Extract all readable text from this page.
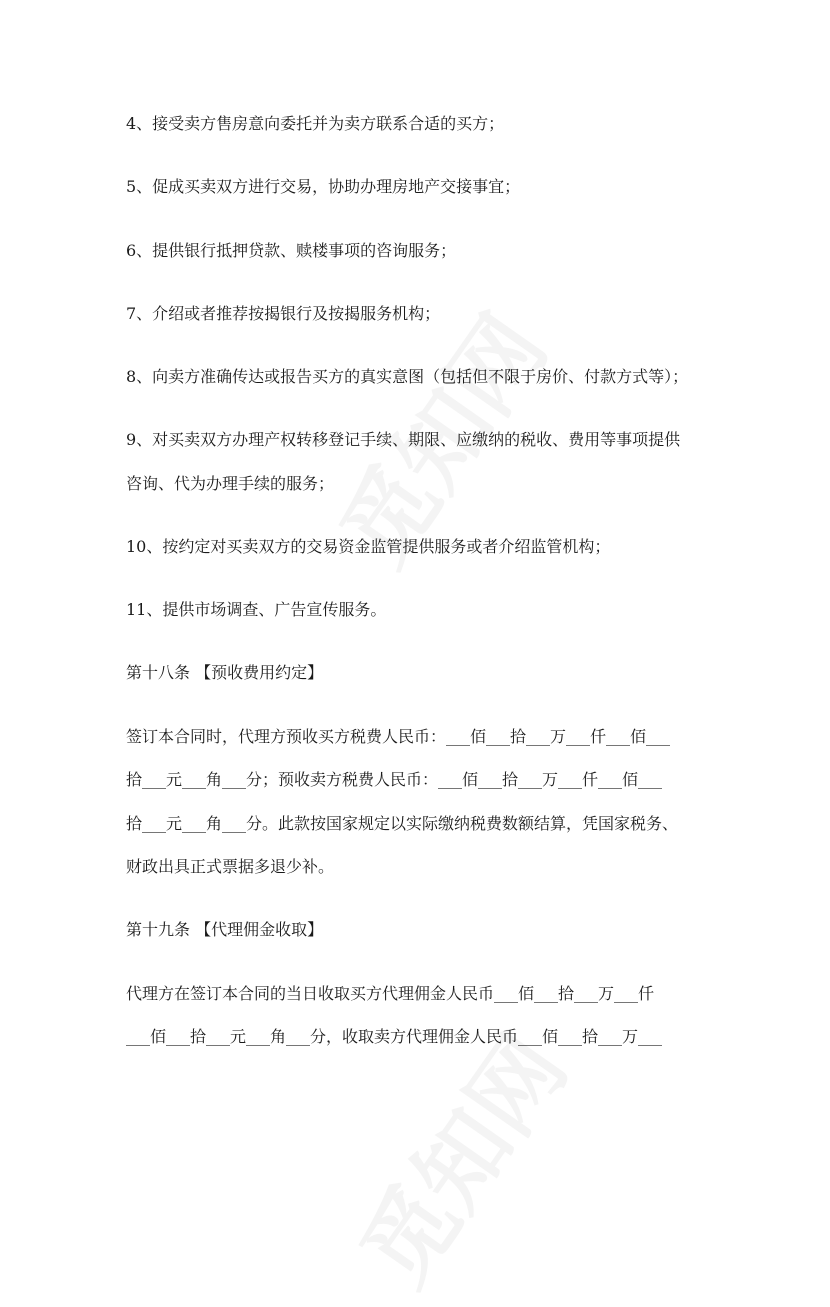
4、接受卖方售房意向委托并为卖方联系合适的买方；
5、促成买卖双方进行交易，协助办理房地产交接事宜；
6、提供银行抵押贷款、赎楼事项的咨询服务；
7、介绍或者推荐按揭银行及按揭服务机构；
8、向卖方准确传达或报告买方的真实意图（包括但不限于房价、付款方式等）；
9、对买卖双方办理产权转移登记手续、期限、应缴纳的税收、费用等事项提供
咨询、代为办理手续的服务；
10、按约定对买卖双方的交易资金监管提供服务或者介绍监管机构；
11、提供市场调查、广告宣传服务。
第十八条 【预收费用约定】
签订本合同时，代理方预收买方税费人民币：___佰___拾___万___仟___佰___
拾___元___角___分；预收卖方税费人民币：___佰___拾___万___仟___佰___
拾___元___角___分。此款按国家规定以实际缴纳税费数额结算，凭国家税务、
财政出具正式票据多退少补。
第十九条 【代理佣金收取】
代理方在签订本合同的当日收取买方代理佣金人民币___佰___拾___万___仟
___佰___拾___元___角___分，收取卖方代理佣金人民币___佰___拾___万___
